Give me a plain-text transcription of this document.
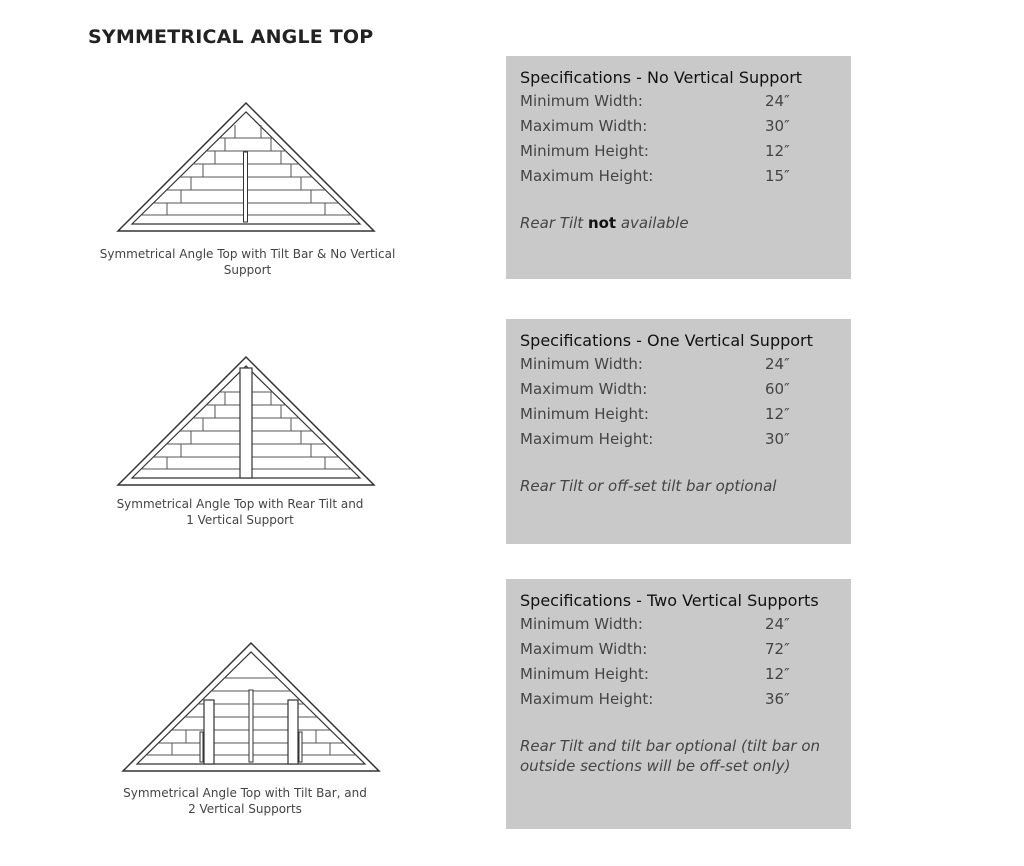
SYMMETRICAL ANGLE TOP
Symmetrical Angle Top with Tilt Bar & No Vertical Support
Specifications - No Vertical Support
Minimum Width:	24″
Maximum Width:	30″
Minimum Height:	12″
Maximum Height:	15″
Rear Tilt not available
Symmetrical Angle Top with Rear Tilt and
1 Vertical Support
Specifications - One Vertical Support
Minimum Width:	24″
Maximum Width:	60″
Minimum Height:	12″
Maximum Height:	30″
Rear Tilt or off-set tilt bar optional
Symmetrical Angle Top with Tilt Bar, and
2 Vertical Supports
Specifications - Two Vertical Supports
Minimum Width:	24″
Maximum Width:	72″
Minimum Height:	12″
Maximum Height:	36″
Rear Tilt and tilt bar optional (tilt bar on outside sections will be off-set only)
